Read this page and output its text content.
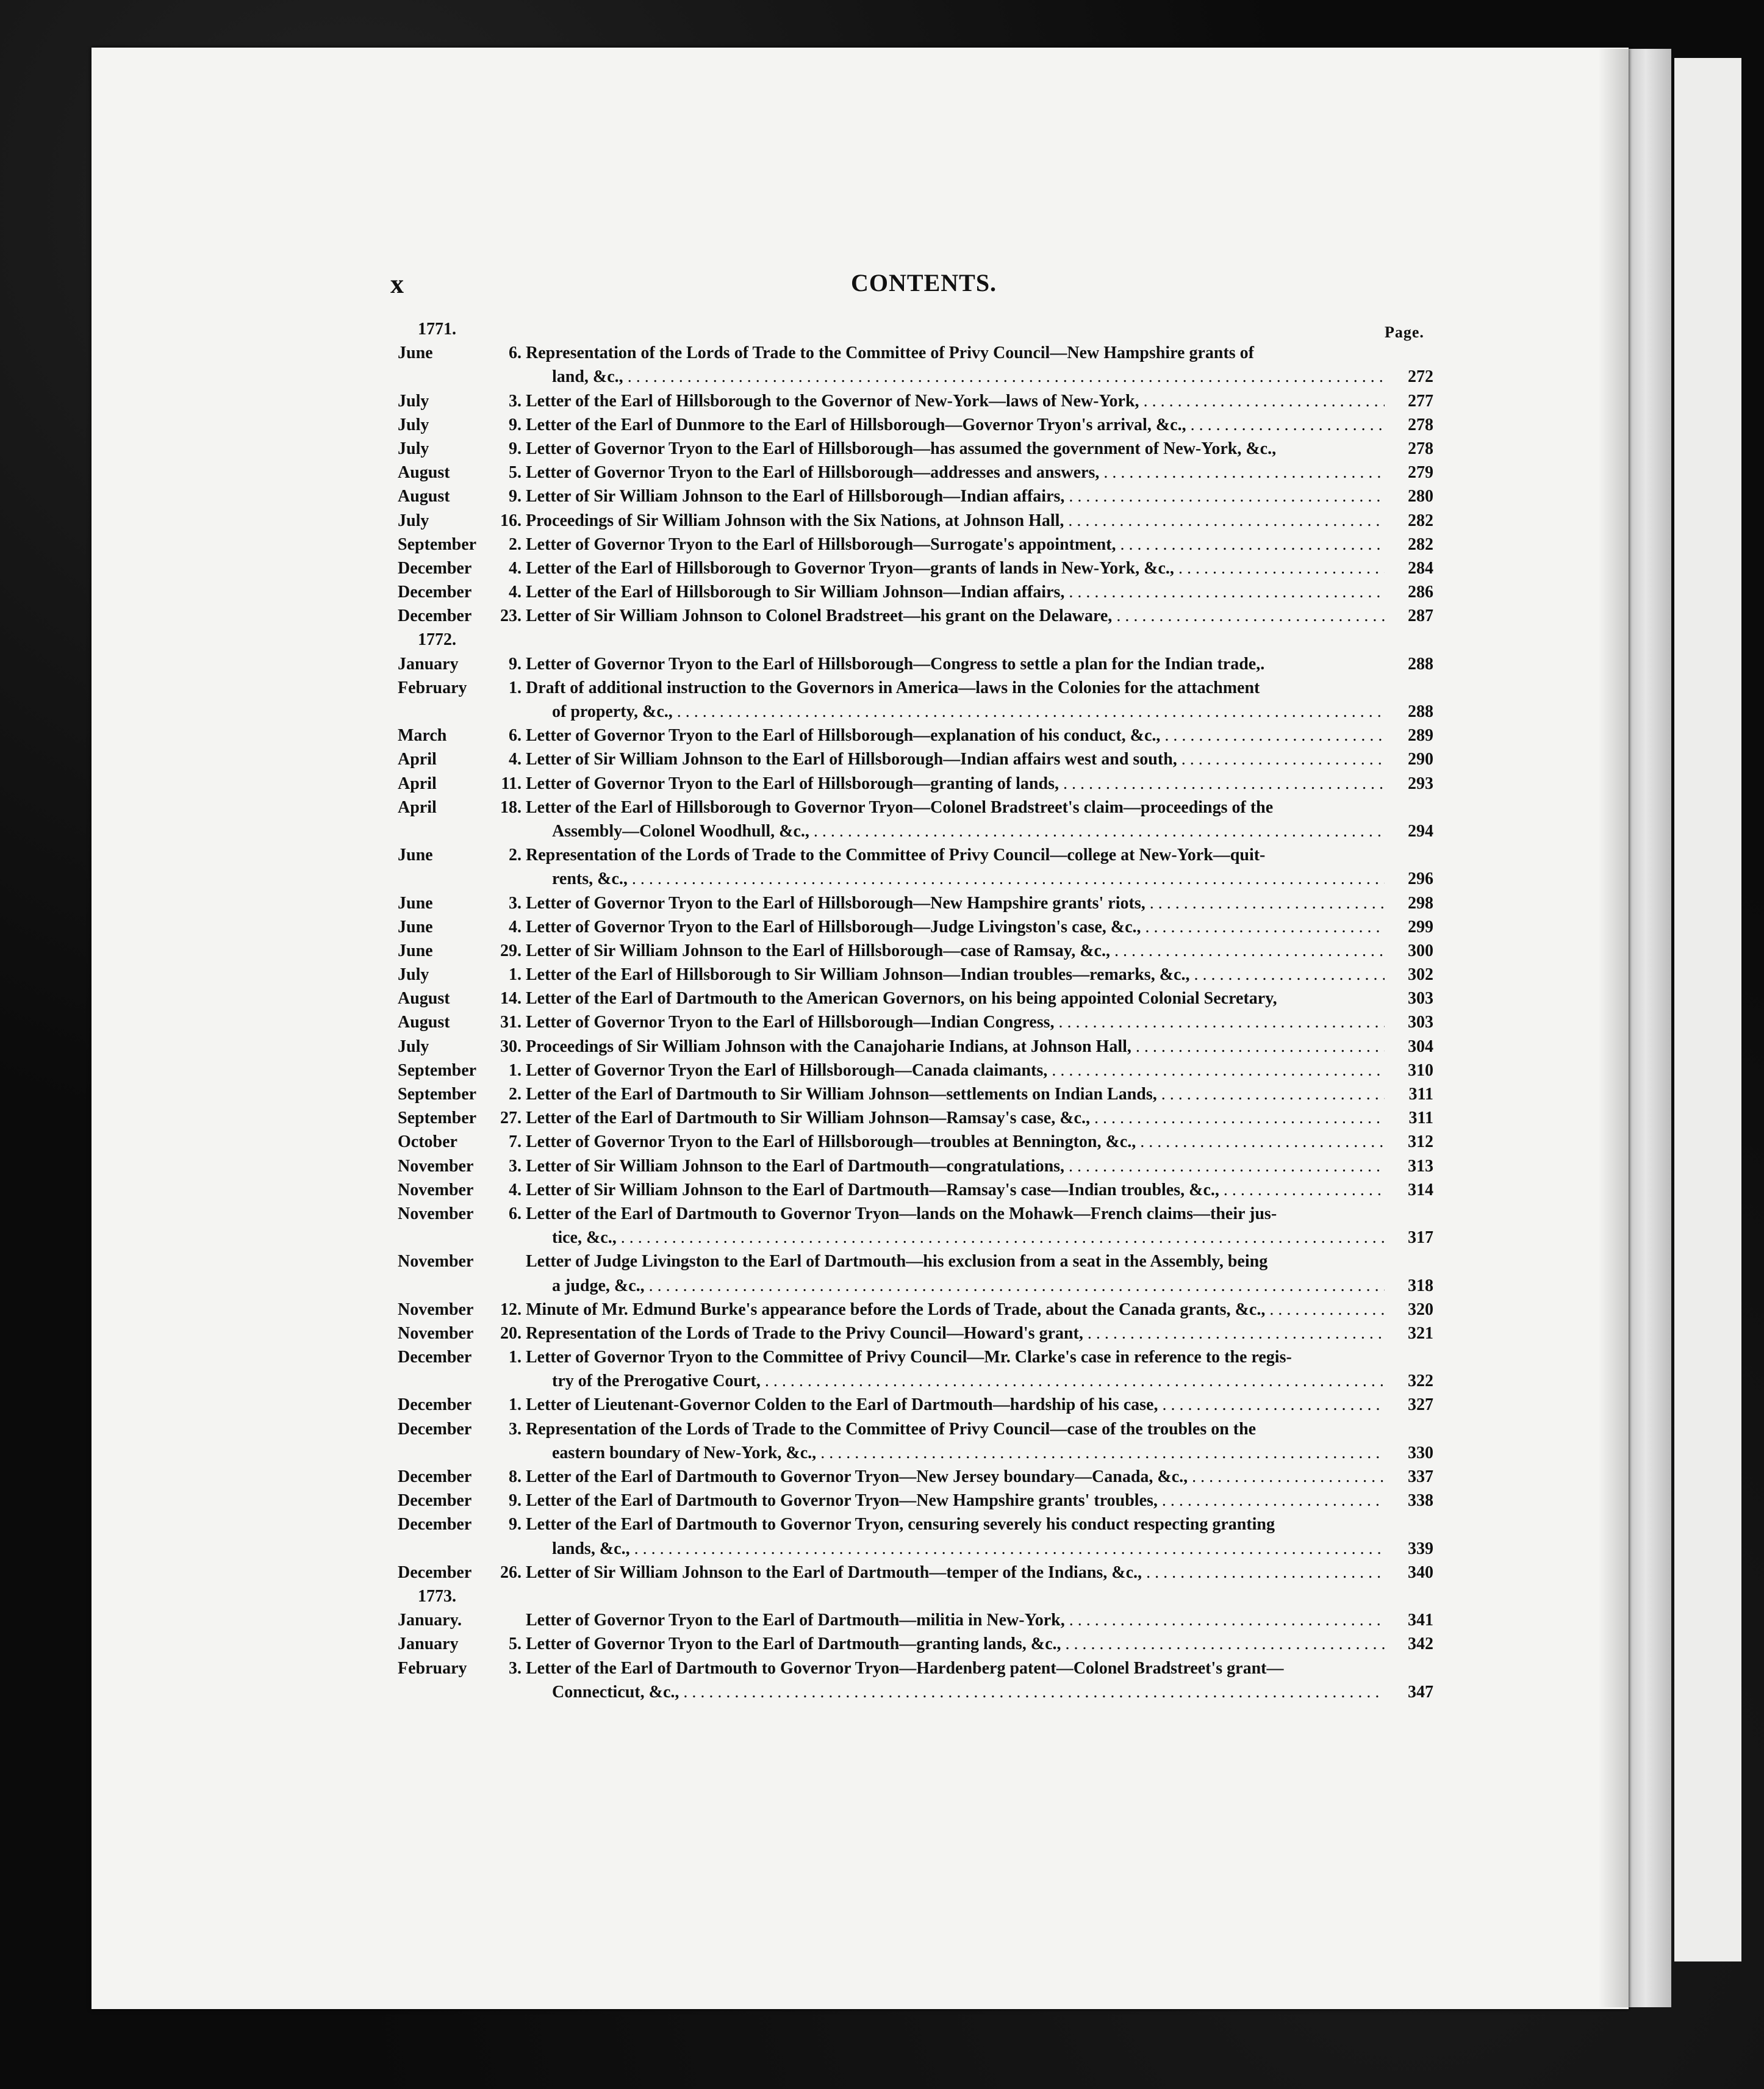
x	CONTENTS.
Page.
1771.
June	6. Representation of the Lords of Trade to the Committee of Privy Council—New Hampshire grants of
land, &c., . . .	272
July	3. Letter of the Earl of Hillsborough to the Governor of New-York—laws of New-York, . . .	277
July	9. Letter of the Earl of Dunmore to the Earl of Hillsborough—Governor Tryon's arrival, &c., . . .	278
July	9. Letter of Governor Tryon to the Earl of Hillsborough—has assumed the government of New-York, &c.,	278
August	5. Letter of Governor Tryon to the Earl of Hillsborough—addresses and answers, . . .	279
August	9. Letter of Sir William Johnson to the Earl of Hillsborough—Indian affairs, . . .	280
July	16. Proceedings of Sir William Johnson with the Six Nations, at Johnson Hall, . . .	282
September 2. Letter of Governor Tryon to the Earl of Hillsborough—Surrogate's appointment, . . .	282
December 4. Letter of the Earl of Hillsborough to Governor Tryon—grants of lands in New-York, &c., . . .	284
December 4. Letter of the Earl of Hillsborough to Sir William Johnson—Indian affairs, . . .	286
December 23. Letter of Sir William Johnson to Colonel Bradstreet—his grant on the Delaware, . . .	287
1772.
January	9. Letter of Governor Tryon to the Earl of Hillsborough—Congress to settle a plan for the Indian trade,.	288
February 1. Draft of additional instruction to the Governors in America—laws in the Colonies for the attachment
of property, &c., . . .	288
March	6. Letter of Governor Tryon to the Earl of Hillsborough—explanation of his conduct, &c., . . .	289
April	4. Letter of Sir William Johnson to the Earl of Hillsborough—Indian affairs west and south, . . .	290
April	11. Letter of Governor Tryon to the Earl of Hillsborough—granting of lands, . . .	293
April	18. Letter of the Earl of Hillsborough to Governor Tryon—Colonel Bradstreet's claim—proceedings of the
Assembly—Colonel Woodhull, &c., . . .	294
June	2. Representation of the Lords of Trade to the Committee of Privy Council—college at New-York—quit-
rents, &c., . . .	296
June	3. Letter of Governor Tryon to the Earl of Hillsborough—New Hampshire grants' riots, . . .	298
June	4. Letter of Governor Tryon to the Earl of Hillsborough—Judge Livingston's case, &c., . . .	299
June	29. Letter of Sir William Johnson to the Earl of Hillsborough—case of Ramsay, &c., . . .	300
July	1. Letter of the Earl of Hillsborough to Sir William Johnson—Indian troubles—remarks, &c., . . .	302
August	14. Letter of the Earl of Dartmouth to the American Governors, on his being appointed Colonial Secretary,	303
August	31. Letter of Governor Tryon to the Earl of Hillsborough—Indian Congress, . . .	303
July	30. Proceedings of Sir William Johnson with the Canajoharie Indians, at Johnson Hall, . . .	304
September 1. Letter of Governor Tryon the Earl of Hillsborough—Canada claimants, . . .	310
September 2. Letter of the Earl of Dartmouth to Sir William Johnson—settlements on Indian Lands, . . .	311
September 27. Letter of the Earl of Dartmouth to Sir William Johnson—Ramsay's case, &c., . . .	311
October	7. Letter of Governor Tryon to the Earl of Hillsborough—troubles at Bennington, &c., . . .	312
November 3. Letter of Sir William Johnson to the Earl of Dartmouth—congratulations, . . .	313
November 4. Letter of Sir William Johnson to the Earl of Dartmouth—Ramsay's case—Indian troubles, &c., . . .	314
November 6. Letter of the Earl of Dartmouth to Governor Tryon—lands on the Mohawk—French claims—their jus-
tice, &c., . . .	317
November	Letter of Judge Livingston to the Earl of Dartmouth—his exclusion from a seat in the Assembly, being
a judge, &c., . . .	318
November 12. Minute of Mr. Edmund Burke's appearance before the Lords of Trade, about the Canada grants, &c., . . .	320
November 20. Representation of the Lords of Trade to the Privy Council—Howard's grant, . . .	321
December 1. Letter of Governor Tryon to the Committee of Privy Council—Mr. Clarke's case in reference to the regis-
try of the Prerogative Court, . . .	322
December 1. Letter of Lieutenant-Governor Colden to the Earl of Dartmouth—hardship of his case, . . .	327
December 3. Representation of the Lords of Trade to the Committee of Privy Council—case of the troubles on the
eastern boundary of New-York, &c., . . .	330
December 8. Letter of the Earl of Dartmouth to Governor Tryon—New Jersey boundary—Canada, &c., . . .	337
December 9. Letter of the Earl of Dartmouth to Governor Tryon—New Hampshire grants' troubles, . . .	338
December 9. Letter of the Earl of Dartmouth to Governor Tryon, censuring severely his conduct respecting granting
lands, &c., . . .	339
December 26. Letter of Sir William Johnson to the Earl of Dartmouth—temper of the Indians, &c., . . .	340
1773.
January.	Letter of Governor Tryon to the Earl of Dartmouth—militia in New-York, . . .	341
January	5. Letter of Governor Tryon to the Earl of Dartmouth—granting lands, &c., . . .	342
February 3. Letter of the Earl of Dartmouth to Governor Tryon—Hardenberg patent—Colonel Bradstreet's grant—
Connecticut, &c., . . .	347
